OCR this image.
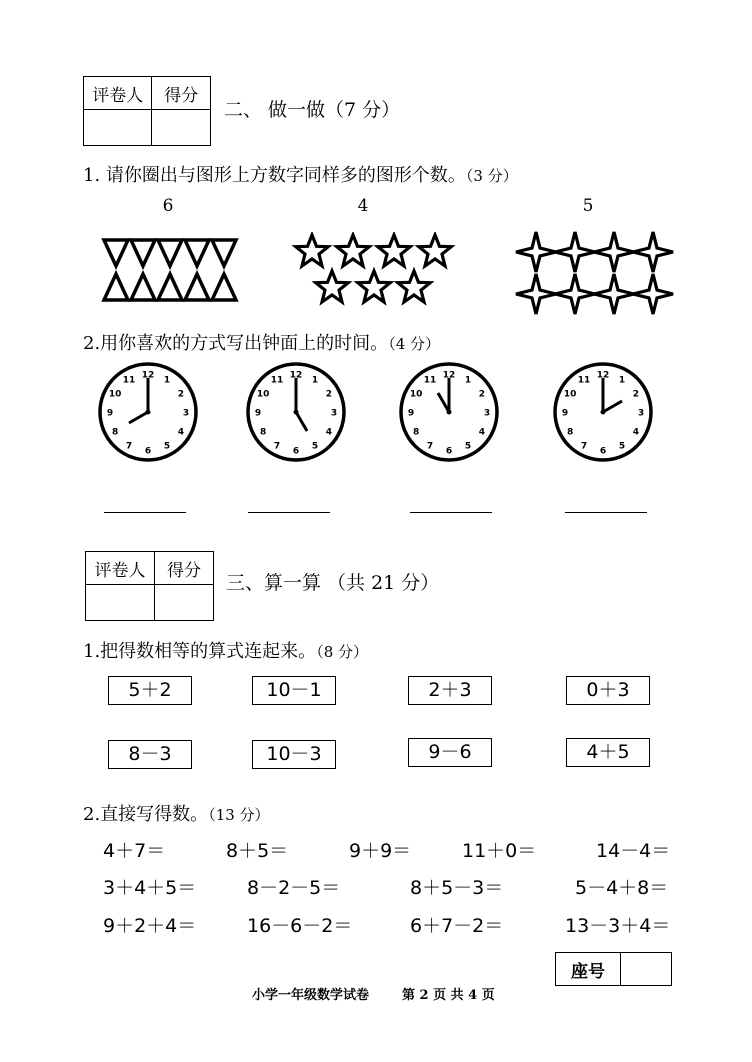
评卷人	得分

二、 做一做（7 分）
1. 请你圈出与图形上方数字同样多的图形个数。（3 分）
6	4	5
2.用你喜欢的方式写出钟面上的时间。（4 分）
12
1
2
3
4
5
6
7
8
9
10
11
12
1
2
3
4
5
6
7
8
9
10
11
12
1
2
3
4
5
6
7
8
9
10
11
12
1
2
3
4
5
6
7
8
9
10
11
评卷人	得分

三、算一算 （共 21 分）
1.把得数相等的算式连起来。（8 分）
5＋2	10－1	2＋3	0＋3
8－3	10－3	9－6	4＋5
2.直接写得数。（13 分）
4＋7＝	8＋5＝	9＋9＝	11＋0＝	14－4＝
3＋4＋5＝	8－2－5＝	8＋5－3＝	5－4＋8＝
9＋2＋4＝	16－6－2＝	6＋7－2＝	13－3＋4＝
座号	
小学一年级数学试卷	第 2 页 共 4 页
